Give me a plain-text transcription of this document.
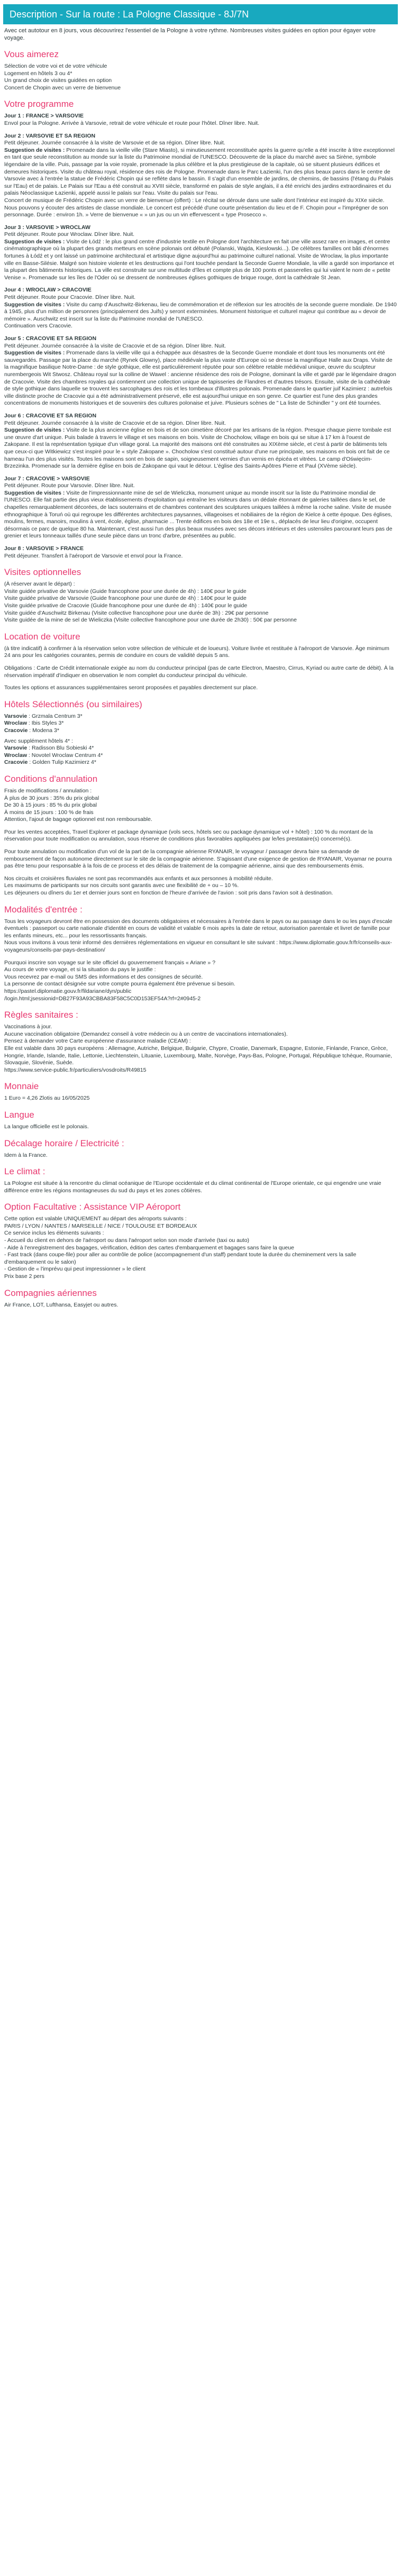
Description - Sur la route : La Pologne Classique - 8J/7N

Avec cet autotour en 8 jours, vous découvrirez l'essentiel de la Pologne à votre rythme. Nombreuses visites guidées en option pour égayer votre voyage.

Vous aimerez
Sélection de votre voi et de votre véhicule
Logement en hôtels 3 ou 4*
Un grand choix de visites guidées en option
Concert de Chopin avec un verre de bienvenue
Votre programme
Jour 1 : FRANCE > VARSOVIE
Envol pour la Pologne. Arrivée à Varsovie, retrait de votre véhicule et route pour l'hôtel. Dîner libre. Nuit.
Jour 2 : VARSOVIE ET SA REGION
Petit déjeuner. Journée consacrée à la visite de Varsovie et de sa région. Dîner libre. Nuit.
Suggestion de visites : Promenade dans la vieille ville (Stare Miasto), si minutieusement reconstituée après la guerre qu'elle a été inscrite à titre exceptionnel en tant que seule reconstitution au monde sur la liste du Patrimoine mondial de l'UNESCO. Découverte de la place du marché avec sa Sirène, symbole légendaire de la ville. Puis, passage par la voie royale, promenade la plus célèbre et la plus prestigieuse de la capitale, où se situent plusieurs édifices et demeures historiques. Visite du château royal, résidence des rois de Pologne. Promenade dans le Parc Łazienki, l'un des plus beaux parcs dans le centre de Varsovie avec à l'entrée la statue de Frédéric Chopin qui se reflète dans le bassin. Il s'agit d'un ensemble de jardins, de chemins, de bassins (l'étang du Palais sur l'Eau) et de palais. Le Palais sur l'Eau a été construit au XVIII siècle, transformé en palais de style anglais, il a été enrichi des jardins extraordinaires et du palais Néoclassique Łazienki, appelé aussi le palais sur l'eau. Visite du palais sur l'eau.
Concert de musique de Frédéric Chopin avec un verre de bienvenue (offert) : Le récital se déroule dans une salle dont l'intérieur est inspiré du XIXe siècle. Nous pouvons y écouter des artistes de classe mondiale. Le concert est précédé d'une courte présentation du lieu et de F. Chopin pour « l'imprégner de son personnage. Durée : environ 1h. » Verre de bienvenue « » un jus ou un vin effervescent « type Prosecco ».
Jour 3 : VARSOVIE > WROCLAW
Petit déjeuner. Route pour Wroclaw. Dîner libre. Nuit.
Suggestion de visites : Visite de Łódź : le plus grand centre d'industrie textile en Pologne dont l'architecture en fait une ville assez rare en images, et centre cinématographique où la plupart des grands metteurs en scène polonais ont débuté (Polanski, Wajda, Kieslowski...). De célèbres familles ont bâti d'énormes fortunes à Łódź et y ont laissé un patrimoine architectural et artistique digne aujourd'hui au patrimoine culturel national. Visite de Wroclaw, la plus importante ville en Basse-Silésie. Malgré son histoire violente et les destructions qui l'ont touchée pendant la Seconde Guerre Mondiale, la ville a gardé son importance et la plupart des bâtiments historiques. La ville est construite sur une multitude d'îles et compte plus de 100 ponts et passerelles qui lui valent le nom de « petite Venise ». Promenade sur les îles de l'Oder où se dressent de nombreuses églises gothiques de brique rouge, dont la cathédrale St Jean.
Jour 4 : WROCLAW > CRACOVIE
Petit déjeuner. Route pour Cracovie. Dîner libre. Nuit.
Suggestion de visites : Visite du camp d'Auschwitz-Birkenau, lieu de commémoration et de réflexion sur les atrocités de la seconde guerre mondiale. De 1940 à 1945, plus d'un million de personnes (principalement des Juifs) y seront exterminées. Monument historique et culturel majeur qui contribue au « devoir de mémoire ». Auschwitz est inscrit sur la liste du Patrimoine mondial de l'UNESCO.
Continuation vers Cracovie.
Jour 5 : CRACOVIE ET SA REGION
Petit déjeuner. Journée consacrée à la visite de Cracovie et de sa région. Dîner libre. Nuit.
Suggestion de visites : Promenade dans la vieille ville qui a échappée aux désastres de la Seconde Guerre mondiale et dont tous les monuments ont été sauvegardés. Passage par la place du marché (Rynek Glowny), place médiévale la plus vaste d'Europe où se dresse la magnifique Halle aux Draps. Visite de la magnifique basilique Notre-Dame : de style gothique, elle est particulièrement réputée pour son célèbre retable médiéval unique, œuvre du sculpteur nurembergeois Wit Stwosz. Château royal sur la colline de Wawel : ancienne résidence des rois de Pologne, dominant la ville et gardé par le légendaire dragon de Cracovie. Visite des chambres royales qui contiennent une collection unique de tapisseries de Flandres et d'autres trésors. Ensuite, visite de la cathédrale de style gothique dans laquelle se trouvent les sarcophages des rois et les tombeaux d'illustres polonais. Promenade dans le quartier juif Kazimierz : autrefois ville distincte proche de Cracovie qui a été administrativement préservé, elle est aujourd'hui unique en son genre. Ce quartier est l'une des plus grandes concentrations de monuments historiques et de souvenirs des cultures polonaise et juive. Plusieurs scènes de " La liste de Schindler " y ont été tournées.
Jour 6 : CRACOVIE ET SA REGION
Petit déjeuner. Journée consacrée à la visite de Cracovie et de sa région. Dîner libre. Nuit.
Suggestion de visites : Visite de la plus ancienne église en bois et de son cimetière décoré par les artisans de la région. Presque chaque pierre tombale est une œuvre d'art unique. Puis balade à travers le village et ses maisons en bois. Visite de Chocholow, village en bois qui se situe à 17 km à l'ouest de Zakopane. Il est la représentation typique d'un village goral. La majorité des maisons ont été construites au XIXème siècle, et c'est à partir de bâtiments tels que ceux-ci que Witkiewicz s'est inspiré pour le « style Zakopane ». Chocholow s'est constitué autour d'une rue principale, ses maisons en bois ont fait de ce hameau l'un des plus visités. Toutes les maisons sont en bois de sapin, soigneusement vernies d'un vernis en épicéa et vitrées. Le camp d'Oświęcim-Brzezinka. Promenade sur la dernière église en bois de Zakopane qui vaut le détour. L'église des Saints-Apôtres Pierre et Paul (XVème siècle).
Jour 7 : CRACOVIE > VARSOVIE
Petit déjeuner. Route pour Varsovie. Dîner libre. Nuit.
Suggestion de visites : Visite de l'impressionnante mine de sel de Wieliczka, monument unique au monde inscrit sur la liste du Patrimoine mondial de l'UNESCO. Elle fait partie des plus vieux établissements d'exploitation qui entraîne les visiteurs dans un dédale étonnant de galeries taillées dans le sel, de chapelles remarquablement décorées, de lacs souterrains et de chambres contenant des sculptures uniques taillées à même la roche saline. Visite de musée ethnographique à Toruń où qui regroupe les différentes architectures paysannes, villageoises et nobiliaires de la région de Kielce à cette époque. Des églises, moulins, fermes, manoirs, moulins à vent, école, église, pharmacie ... Trente édifices en bois des 18e et 19e s., déplacés de leur lieu d'origine, occupent désormais ce parc de quelque 80 ha. Maintenant, c'est aussi l'un des plus beaux musées avec ses décors intérieurs et des ustensiles parcourant leurs pas de grenier et leurs tonneaux taillés d'une seule pièce dans un tronc d'arbre, présentées au public.
Jour 8 : VARSOVIE > FRANCE
Petit déjeuner. Transfert à l'aéroport de Varsovie et envol pour la France.
Visites optionnelles

(À réserver avant le départ) :

Visite guidée privative de Varsovie (Guide francophone pour une durée de 4h) : 140€ pour le guide
Visite guidée privative de Varsovie (Guide francophone pour une durée de 4h) : 140€ pour le guide
Visite guidée privative de Cracovie (Guide francophone pour une durée de 4h) : 140€ pour le guide
Visite guidée d'Auschwitz Birkenau (Visite collective francophone pour une durée de 3h) : 29€ par personne
Visite guidée de la mine de sel de Wieliczka (Visite collective francophone pour une durée de 2h30) : 50€ par personne
Location de voiture

(à titre indicatif) à confirmer à la réservation selon votre sélection de véhicule et de loueurs). Voiture livrée et restituée à l'aéroport de Varsovie. Âge minimum 24 ans pour les catégories courantes, permis de conduire en cours de validité depuis 5 ans.

Obligations : Carte de Crédit internationale exigée au nom du conducteur principal (pas de carte Electron, Maestro, Cirrus, Kyriad ou autre carte de débit). À la réservation impératif d'indiquer en observation le nom complet du conducteur principal du véhicule.

Toutes les options et assurances supplémentaires seront proposées et payables directement sur place.

Hôtels Sélectionnés (ou similaires)
Varsovie : Grzmala Centrum 3*
Wroclaw : Ibis Styles 3*
Cracovie : Modena 3*

Avec supplément hôtels 4* :

Varsovie : Radisson Blu Sobieski 4*
Wroclaw : Novotel Wroclaw Centrum 4*
Cracovie : Golden Tulip Kazimierz 4*
Conditions d'annulation

Frais de modifications / annulation :
À plus de 30 jours : 35% du prix global
De 30 à 15 jours : 85 % du prix global
À moins de 15 jours : 100 % de frais
Attention, l'ajout de bagage optionnel est non remboursable.

Pour les ventes acceptées, Travel Explorer et package dynamique (vols secs, hôtels sec ou package dynamique vol + hôtel) : 100 % du montant de la réservation pour toute modification ou annulation, sous réserve de conditions plus favorables appliquées par le/les prestataire(s) concerné(s).

Pour toute annulation ou modification d'un vol de la part de la compagnie aérienne RYANAIR, le voyageur / passager devra faire sa demande de remboursement de façon autonome directement sur le site de la compagnie aérienne. S'agissant d'une exigence de gestion de RYANAIR, Voyamar ne pourra pas être tenu pour responsable à la fois de ce process et des délais de traitement de la compagnie aérienne, ainsi que des remboursements émis.

Nos circuits et croisières fluviales ne sont pas recommandés aux enfants et aux personnes à mobilité réduite.
Les maximums de participants sur nos circuits sont garantis avec une flexibilité de + ou – 10 %.
Les déjeuners ou dîners du 1er et dernier jours sont en fonction de l'heure d'arrivée de l'avion : soit pris dans l'avion soit à destination.

Modalités d'entrée :

Tous les voyageurs devront être en possession des documents obligatoires et nécessaires à l'entrée dans le pays ou au passage dans le ou les pays d'escale éventuels : passeport ou carte nationale d'identité en cours de validité et valable 6 mois après la date de retour, autorisation parentale et livret de famille pour les enfants mineurs, etc... pour les ressortissants français.
Nous vous invitons à vous tenir informé des dernières réglementations en vigueur en consultant le site suivant : https://www.diplomatie.gouv.fr/fr/conseils-aux-voyageurs/conseils-par-pays-destination/

Pourquoi inscrire son voyage sur le site officiel du gouvernement français « Ariane » ?
Au cours de votre voyage, et si la situation du pays le justifie :
Vous recevrez par e-mail ou SMS des informations et des consignes de sécurité.
La personne de contact désignée sur votre compte pourra également être prévenue si besoin.
https://pastel.diplomatie.gouv.fr/fildariane/dyn/public
/login.html;jsessionid=DB27F93A93CBBA83F58C5C0D153EF54A?rf=2#0945-2

Règles sanitaires :

Vaccinations à jour.
Aucune vaccination obligatoire (Demandez conseil à votre médecin ou à un centre de vaccinations internationales).
Pensez à demander votre Carte européenne d'assurance maladie (CEAM) :
Elle est valable dans 30 pays européens : Allemagne, Autriche, Belgique, Bulgarie, Chypre, Croatie, Danemark, Espagne, Estonie, Finlande, France, Grèce, Hongrie, Irlande, Islande, Italie, Lettonie, Liechtenstein, Lituanie, Luxembourg, Malte, Norvège, Pays-Bas, Pologne, Portugal, République tchèque, Roumanie, Slovaquie, Slovénie, Suède.
https://www.service-public.fr/particuliers/vosdroits/R49815

Monnaie

1 Euro = 4,26 Zlotis au 16/05/2025

Langue

La langue officielle est le polonais.

Décalage horaire / Electricité :

Idem à la France.

Le climat :

La Pologne est située à la rencontre du climat océanique de l'Europe occidentale et du climat continental de l'Europe orientale, ce qui engendre une vraie différence entre les régions montagneuses du sud du pays et les zones côtières.

Option Facultative : Assistance VIP Aéroport

Cette option est valable UNIQUEMENT au départ des aéroports suivants :
PARIS / LYON / NANTES / MARSEILLE / NICE / TOULOUSE ET BORDEAUX
Ce service inclus les éléments suivants :
- Accueil du client en dehors de l'aéroport ou dans l'aéroport selon son mode d'arrivée (taxi ou auto)
- Aide à l'enregistrement des bagages, vérification, édition des cartes d'embarquement et bagages sans faire la queue
- Fast track (dans coupe-file) pour aller au contrôle de police (accompagnement d'un staff) pendant toute la durée du cheminement vers la salle d'embarquement ou le salon)
- Gestion de « l'imprévu qui peut impressionner » le client
Prix base 2 pers

Compagnies aériennes

Air France, LOT, Lufthansa, Easyjet ou autres.
